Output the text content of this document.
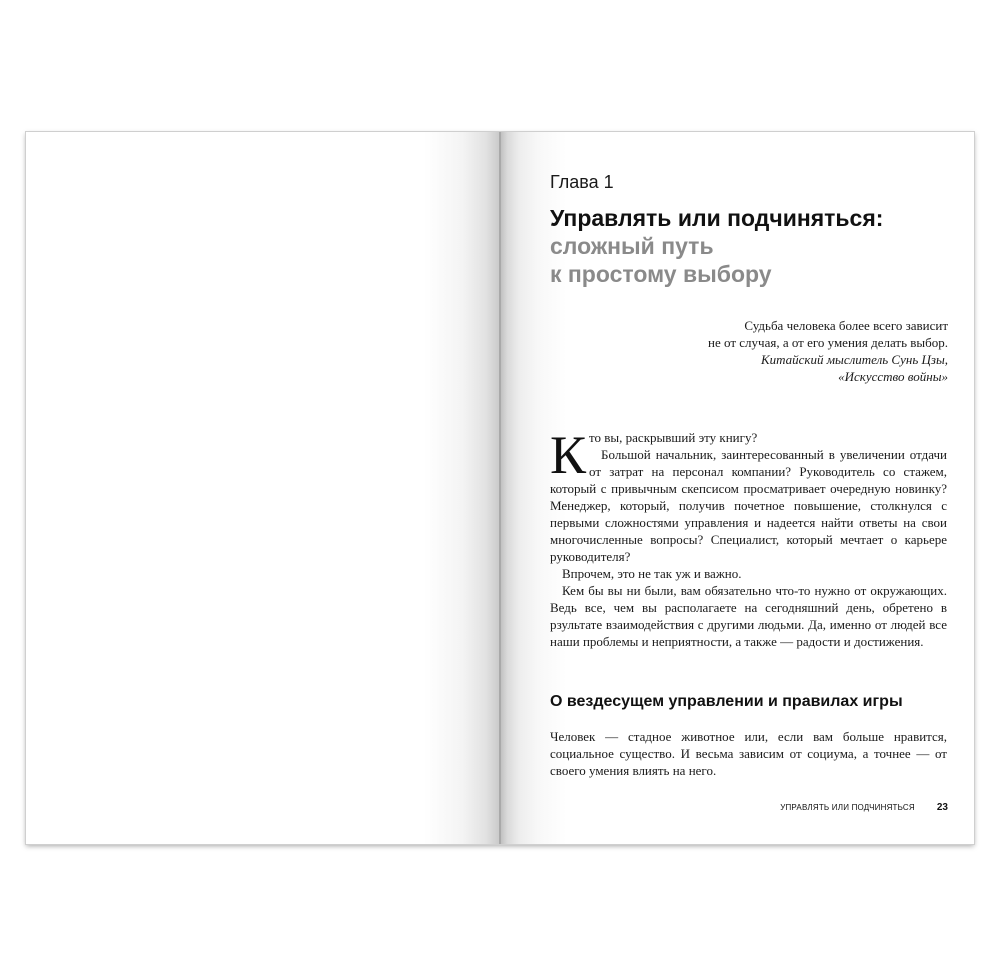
Глава 1
Управлять или подчиняться:
сложный путь
к простому выбору
Судьба человека более всего зависит
не от случая, а от его умения делать выбор.
Китайский мыслитель Сунь Цзы,
«Искусство войны»
К то вы, раскрывший эту книгу?

Большой начальник, заинтересованный в увеличении отдачи от затрат на персонал компании? Руководитель со стажем, который с привычным скепсисом просматривает очередную новинку? Менеджер, который, получив почетное повышение, столкнулся с первыми сложностями управления и надеется найти ответы на свои многочисленные вопросы? Специалист, который мечтает о карьере руководителя?

Впрочем, это не так уж и важно.

Кем бы вы ни были, вам обязательно что-то нужно от окружающих. Ведь все, чем вы располагаете на сегодняшний день, обретено в рзультате взаимодействия с другими людьми. Да, именно от людей все наши проблемы и неприятности, а также — радости и достижения.

О вездесущем управлении и правилах игры

Человек — стадное животное или, если вам больше нравится, социальное существо. И весьма зависим от социума, а точнее — от своего умения влиять на него.

УПРАВЛЯТЬ ИЛИ ПОДЧИНЯТЬСЯ 23
